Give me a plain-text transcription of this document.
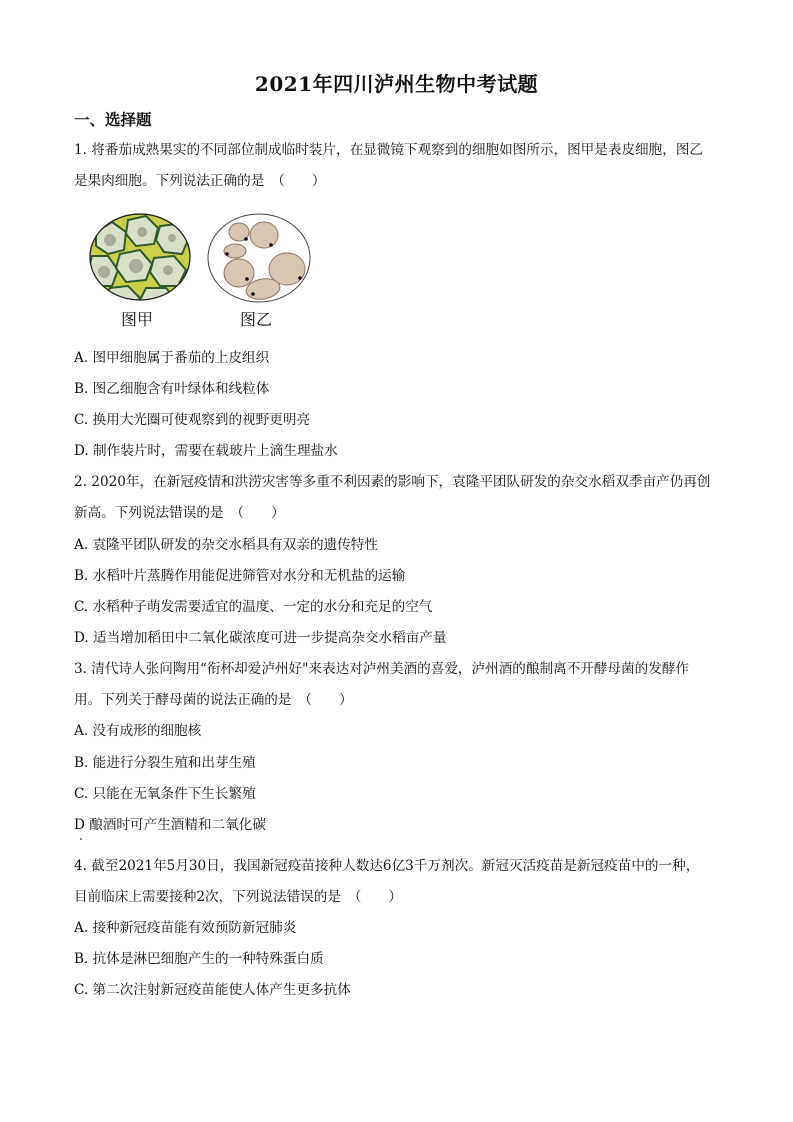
2021年四川泸州生物中考试题
一、选择题
1. 将番茄成熟果实的不同部位制成临时装片，在显微镜下观察到的细胞如图所示，图甲是表皮细胞，图乙
是果肉细胞。下列说法正确的是　（　　）
图甲	图乙
A. 图甲细胞属于番茄的上皮组织
B. 图乙细胞含有叶绿体和线粒体
C. 换用大光圈可使观察到的视野更明亮
D. 制作装片时，需要在载玻片上滴生理盐水
2. 2020年，在新冠疫情和洪涝灾害等多重不利因素的影响下，袁隆平团队研发的杂交水稻双季亩产仍再创
新高。下列说法错误的是　（　　）
A. 袁隆平团队研发的杂交水稻具有双亲的遗传特性
B. 水稻叶片蒸腾作用能促进筛管对水分和无机盐的运输
C. 水稻种子萌发需要适宜的温度、一定的水分和充足的空气
D. 适当增加稻田中二氧化碳浓度可进一步提高杂交水稻亩产量
3. 清代诗人张问陶用“衔杯却爱泸州好"来表达对泸州美酒的喜爱，泸州酒的酿制离不开酵母菌的发酵作
用。下列关于酵母菌的说法正确的是　（　　）
A. 没有成形的细胞核
B. 能进行分裂生殖和出芽生殖
C. 只能在无氧条件下生长繁殖
D 酿酒时可产生酒精和二氧化碳
4. 截至2021年5月30日，我国新冠疫苗接种人数达6亿3千万剂次。新冠灭活疫苗是新冠疫苗中的一种，
目前临床上需要接种2次，下列说法错误的是　（　　）
A. 接种新冠疫苗能有效预防新冠肺炎
B. 抗体是淋巴细胞产生的一种特殊蛋白质
C. 第二次注射新冠疫苗能使人体产生更多抗体
